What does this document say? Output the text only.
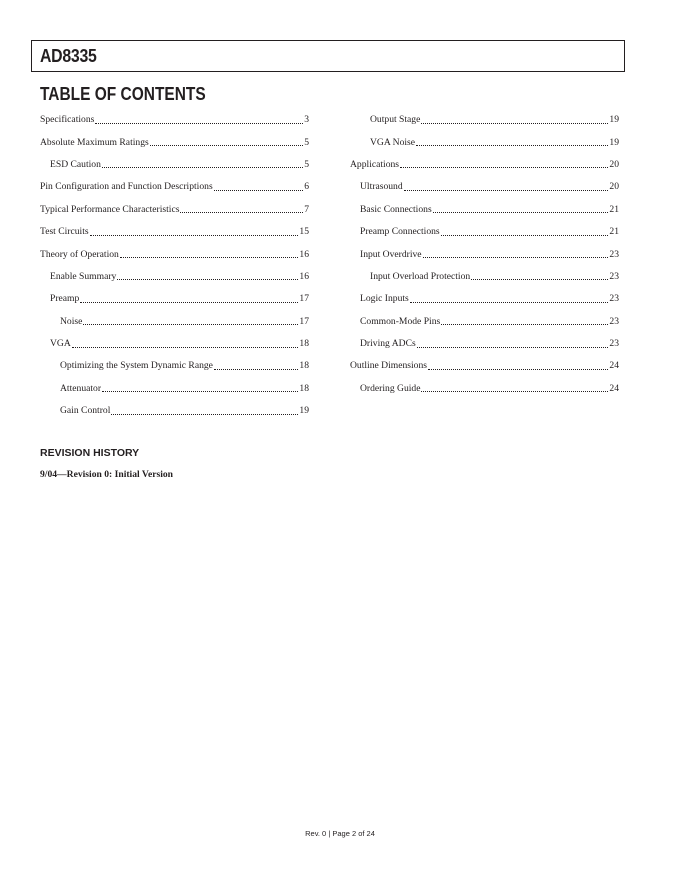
AD8335
TABLE OF CONTENTS
Specifications	3
Absolute Maximum Ratings	5
ESD Caution	5
Pin Configuration and Function Descriptions	6
Typical Performance Characteristics	7
Test Circuits	15
Theory of Operation	16
Enable Summary	16
Preamp	17
Noise	17
VGA	18
Optimizing the System Dynamic Range	18
Attenuator	18
Gain Control	19
Output Stage	19
VGA Noise	19
Applications	20
Ultrasound	20
Basic Connections	21
Preamp Connections	21
Input Overdrive	23
Input Overload Protection	23
Logic Inputs	23
Common-Mode Pins	23
Driving ADCs	23
Outline Dimensions	24
Ordering Guide	24
REVISION HISTORY
9/04—Revision 0: Initial Version
Rev. 0 | Page 2 of 24
